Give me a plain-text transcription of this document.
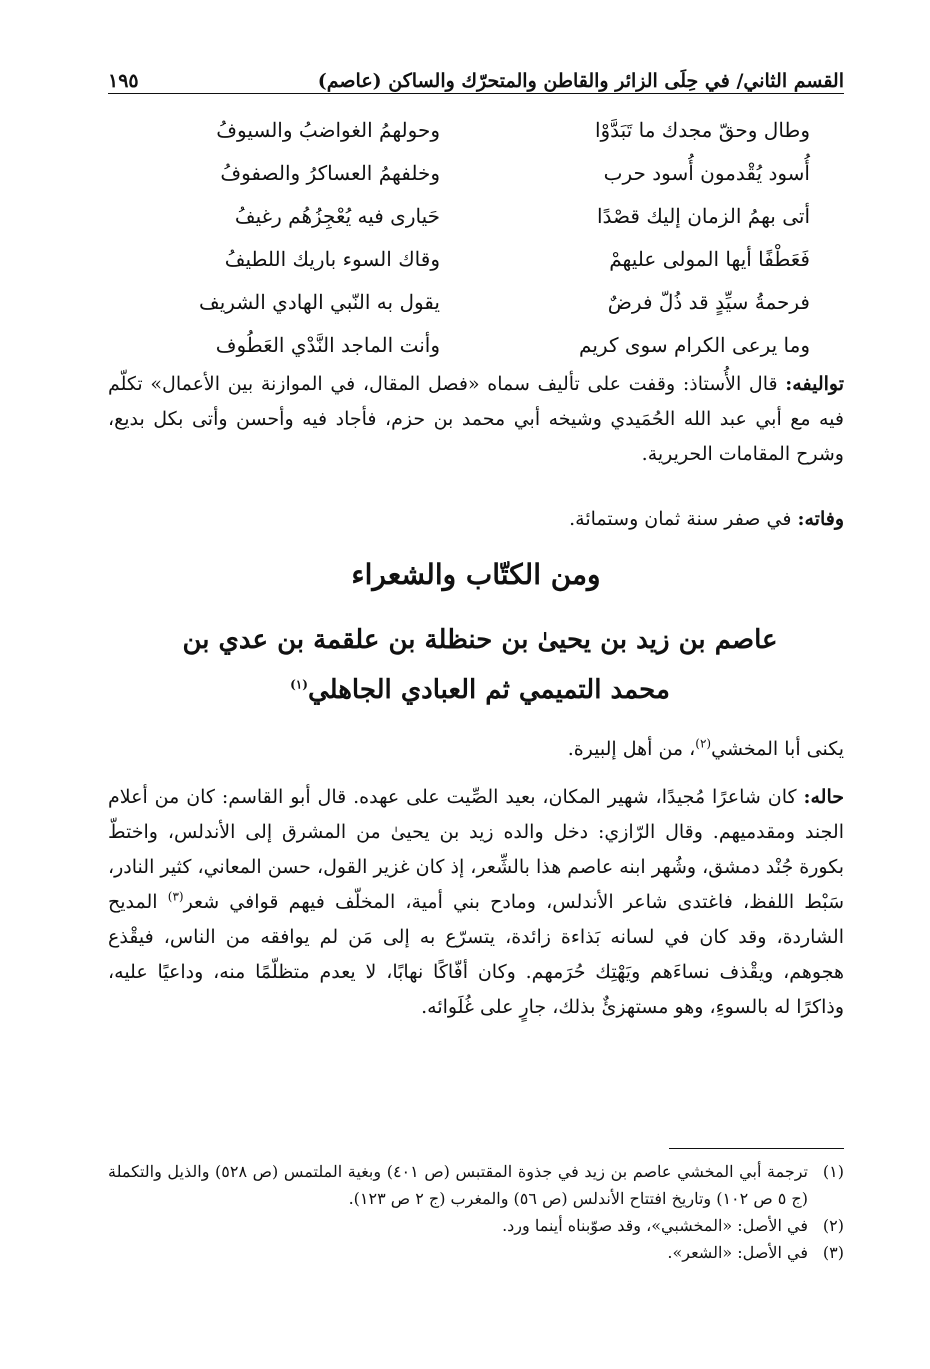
القسم الثاني/ في حِلَى الزائر والقاطن والمتحرّك والساكن (عاصم)
١٩٥
وطال وحقّ مجدك ما تَبَدَّوْا
وحولهمُ الغواضبُ والسيوفُ
أُسود يُقْدمون أُسود حرب
وخلفهمُ العساكرُ والصفوفُ
أتى بهمُ الزمان إليك قصْدًا
حَيارى فيه يُعْجِزُهُم رغيفُ
فَعَطْفًا أيها المولى عليهمْ
وقاك السوء باريك اللطيفُ
فرحمةُ سيِّدٍ قد ذُلّ فرضٌ
يقول به النّبي الهادي الشريف
وما يرعى الكرام سوى كريم
وأنت الماجد النَّدْي العَطُوف
تواليفه: قال الأُستاذ: وقفت على تأليف سماه «فصل المقال، في الموازنة بين الأعمال» تكلّم فيه مع أبي عبد الله الحُمَيدي وشيخه أبي محمد بن حزم، فأجاد فيه وأحسن وأتى بكل بديع، وشرح المقامات الحريرية.
وفاته: في صفر سنة ثمان وستمائة.
ومن الكتّاب والشعراء
عاصم بن زيد بن يحيىٰ بن حنظلة بن علقمة بن عدي بن
محمد التميمي ثم العبادي الجاهلي$^{(١)}$
يكنى أبا المخشي$^{(٢)}$، من أهل إلبيرة.
حاله: كان شاعرًا مُجيدًا، شهير المكان، بعيد الصِّيت على عهده. قال أبو القاسم: كان من أعلام الجند ومقدميهم. وقال الرّازي: دخل والده زيد بن يحيىٰ من المشرق إلى الأندلس، واختطّ بكورة جُنْد دمشق، وشُهر ابنه عاصم هذا بالشِّعر، إذ كان غزير القول، حسن المعاني، كثير النادر، سَبْط اللفظ، فاغتدى شاعر الأندلس، ومادح بني أمية، المخلّف فيهم قوافي شعر$^{(٣)}$ المديح الشاردة، وقد كان في لسانه بَذاءة زائدة، يتسرّع به إلى مَن لم يوافقه من الناس، فيقْذع هجوهم، ويقْذف نساءَهم ويَهْتِك حُرَمهم. وكان أفّاكًا نهابًا، لا يعدم متظلّمًا منه، وداعيًا عليه، وذاكرًا له بالسوءِ، وهو مستهزئٌ بذلك، جارٍ على غُلَوائه.
(١)
ترجمة أبي المخشي عاصم بن زيد في جذوة المقتبس (ص ٤٠١) وبغية الملتمس (ص ٥٢٨) والذيل والتكملة (ج ٥ ص ١٠٢) وتاريخ افتتاح الأندلس (ص ٥٦) والمغرب (ج ٢ ص ١٢٣).
(٢)
في الأصل: «المخشبي»، وقد صوّبناه أينما ورد.
(٣)
في الأصل: «الشعر».
